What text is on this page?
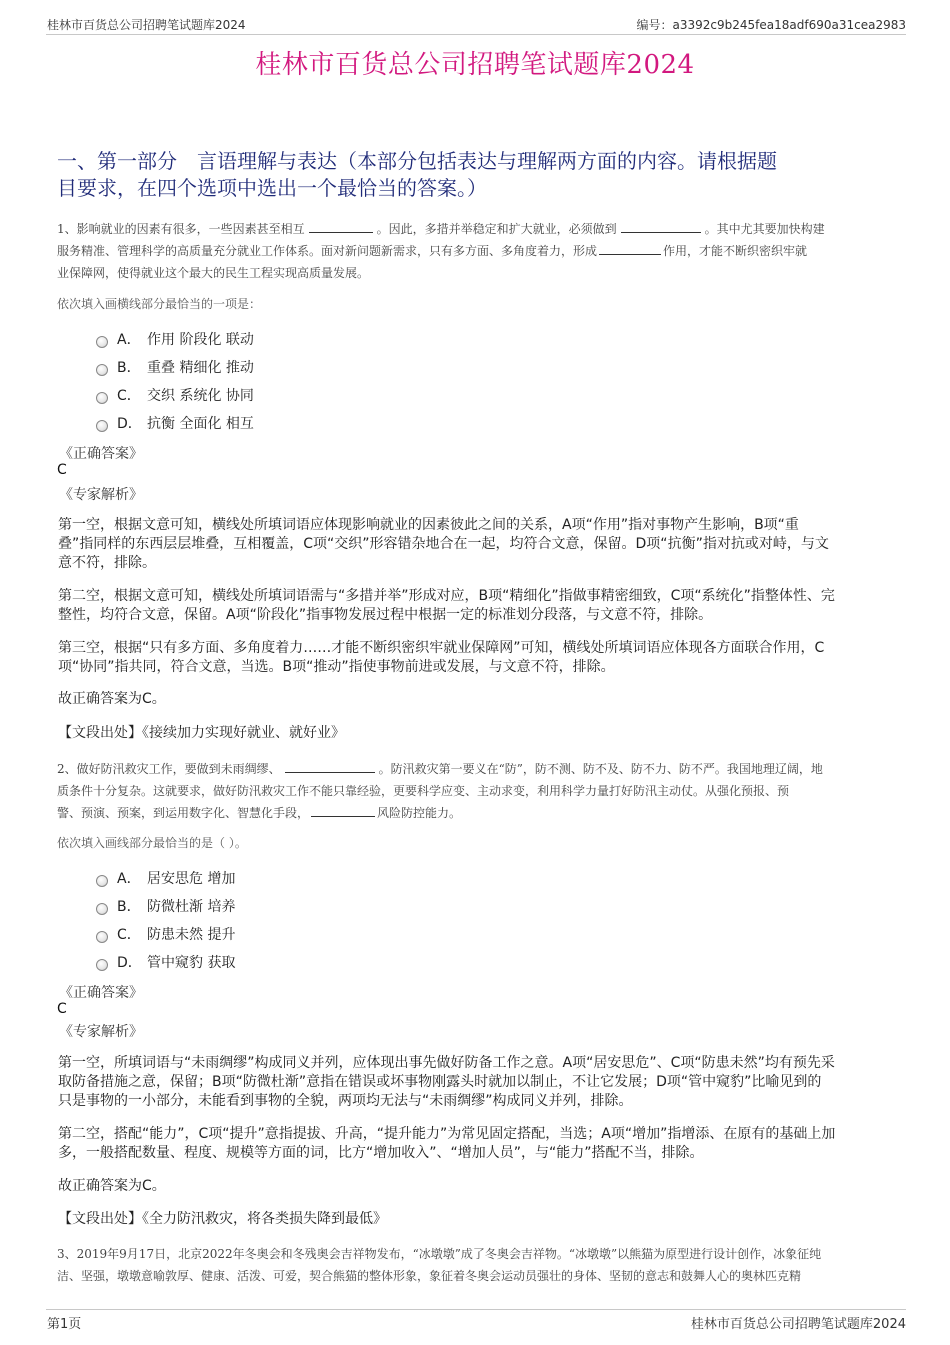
桂林市百货总公司招聘笔试题库2024	编号：a3392c9b245fea18adf690a31cea2983
桂林市百货总公司招聘笔试题库2024
一、第一部分　言语理解与表达（本部分包括表达与理解两方面的内容。请根据题
目要求，在四个选项中选出一个最恰当的答案。）
1、影响就业的因素有很多，一些因素甚至相互	。因此，多措并举稳定和扩大就业，必须做到	。其中尤其要加快构建
服务精准、管理科学的高质量充分就业工作体系。面对新问题新需求，只有多方面、多角度着力，形成	作用，才能不断织密织牢就
业保障网，使得就业这个最大的民生工程实现高质量发展。
依次填入画横线部分最恰当的一项是：
A． 作用 阶段化 联动
B． 重叠 精细化 推动
C． 交织 系统化 协同
D． 抗衡 全面化 相互
《正确答案》
C
《专家解析》
第一空，根据文意可知，横线处所填词语应体现影响就业的因素彼此之间的关系，A项“作用”指对事物产生影响，B项“重
叠”指同样的东西层层堆叠，互相覆盖，C项“交织”形容错杂地合在一起，均符合文意，保留。D项“抗衡”指对抗或对峙，与文
意不符，排除。
第二空，根据文意可知，横线处所填词语需与“多措并举”形成对应，B项“精细化”指做事精密细致，C项“系统化”指整体性、完
整性，均符合文意，保留。A项“阶段化”指事物发展过程中根据一定的标准划分段落，与文意不符，排除。
第三空，根据“只有多方面、多角度着力……才能不断织密织牢就业保障网”可知，横线处所填词语应体现各方面联合作用，C
项“协同”指共同，符合文意，当选。B项“推动”指使事物前进或发展，与文意不符，排除。
故正确答案为C。
【文段出处】《接续加力实现好就业、就好业》
2、做好防汛救灾工作，要做到未雨绸缪、	。防汛救灾第一要义在“防”，防不测、防不及、防不力、防不严。我国地理辽阔，地
质条件十分复杂。这就要求，做好防汛救灾工作不能只靠经验，更要科学应变、主动求变，利用科学力量打好防汛主动仗。从强化预报、预
警、预演、预案，到运用数字化、智慧化手段，	风险防控能力。
依次填入画线部分最恰当的是（ ）。
A． 居安思危 增加
B． 防微杜渐 培养
C． 防患未然 提升
D． 管中窥豹 获取
《正确答案》
C
《专家解析》
第一空，所填词语与“未雨绸缪”构成同义并列，应体现出事先做好防备工作之意。A项“居安思危”、C项“防患未然”均有预先采
取防备措施之意，保留；B项“防微杜渐”意指在错误或坏事物刚露头时就加以制止，不让它发展；D项“管中窥豹”比喻见到的
只是事物的一小部分，未能看到事物的全貌，两项均无法与“未雨绸缪”构成同义并列，排除。
第二空，搭配“能力”，C项“提升”意指提拔、升高，“提升能力”为常见固定搭配，当选；A项“增加”指增添、在原有的基础上加
多，一般搭配数量、程度、规模等方面的词，比方“增加收入”、“增加人员”，与“能力”搭配不当，排除。
故正确答案为C。
【文段出处】《全力防汛救灾，将各类损失降到最低》
3、2019年9月17日，北京2022年冬奥会和冬残奥会吉祥物发布，“冰墩墩”成了冬奥会吉祥物。“冰墩墩”以熊猫为原型进行设计创作，冰象征纯
洁、坚强，墩墩意喻敦厚、健康、活泼、可爱，契合熊猫的整体形象，象征着冬奥会运动员强壮的身体、坚韧的意志和鼓舞人心的奥林匹克精
第1页	桂林市百货总公司招聘笔试题库2024
